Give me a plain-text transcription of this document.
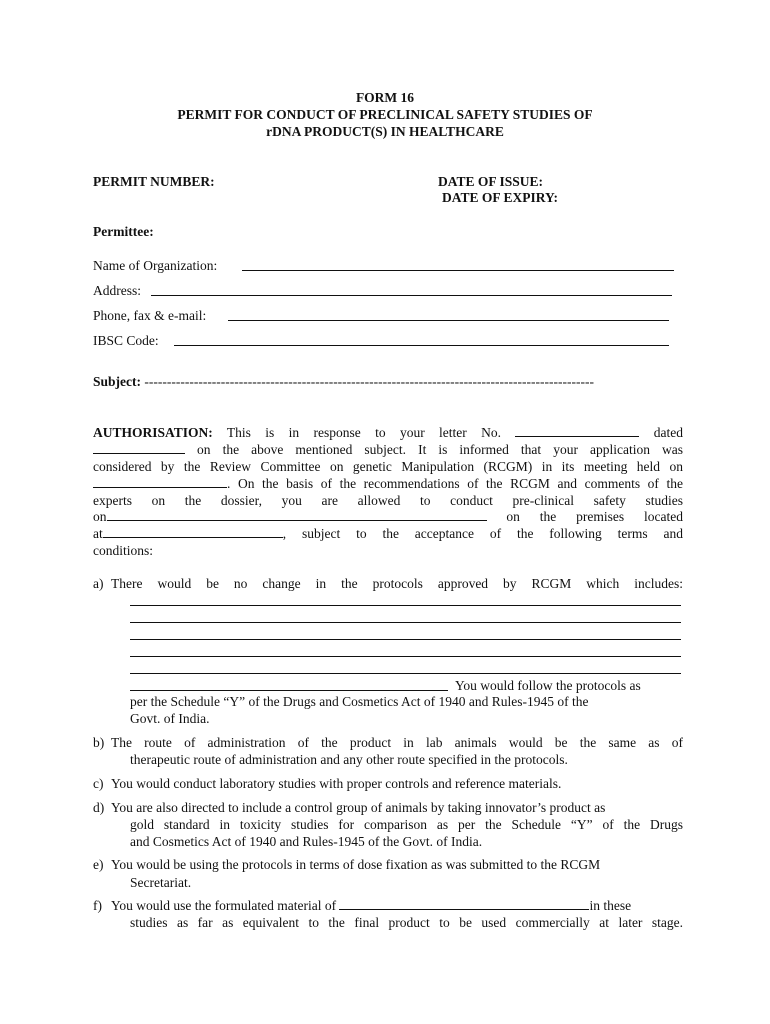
FORM 16
PERMIT FOR CONDUCT OF PRECLINICAL SAFETY STUDIES OF
rDNA PRODUCT(S) IN HEALTHCARE
PERMIT NUMBER:	DATE OF ISSUE:
DATE OF EXPIRY:
Permittee:
Name of Organization:
Address:
Phone, fax & e-mail:
IBSC Code:
Subject: ----------------------------------------------------------------------------------------------------
AUTHORISATION: This is in response to your letter No.	dated
on the above mentioned subject. It is informed that your application was
considered by the Review Committee on genetic Manipulation (RCGM) in its meeting held on
. On the basis of the recommendations of the RCGM and comments of the
experts on the dossier, you are allowed to conduct pre-clinical safety studies
on	on the premises located
at	, subject to the acceptance of the following terms and
conditions:
a) There would be no change in the protocols approved by RCGM which includes:
You would follow the protocols as
per the Schedule “Y” of the Drugs and Cosmetics Act of 1940 and Rules-1945 of the
Govt. of India.
b) The route of administration of the product in lab animals would be the same as of
therapeutic route of administration and any other route specified in the protocols.
c) You would conduct laboratory studies with proper controls and reference materials.
d) You are also directed to include a control group of animals by taking innovator’s product as
gold standard in toxicity studies for comparison as per the Schedule “Y” of the Drugs
and Cosmetics Act of 1940 and Rules-1945 of the Govt. of India.
e) You would be using the protocols in terms of dose fixation as was submitted to the RCGM
Secretariat.
f) You would use the formulated material of	in these
studies as far as equivalent to the final product to be used commercially at later stage.
